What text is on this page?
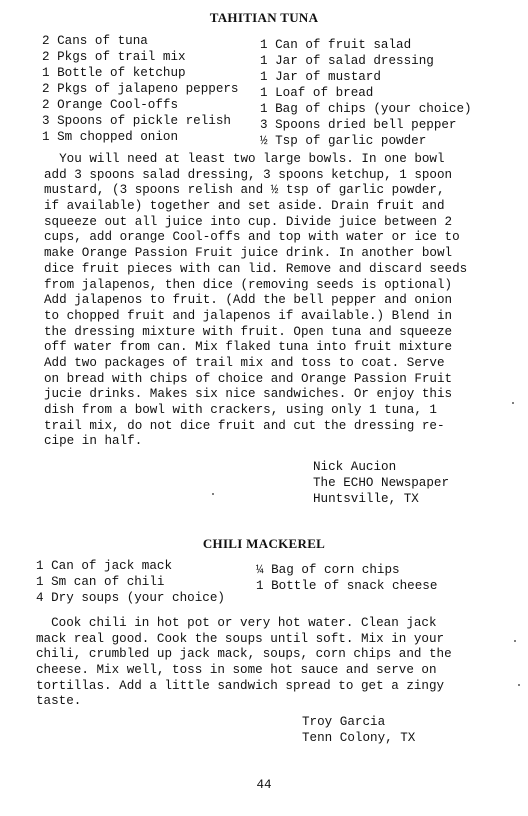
TAHITIAN TUNA
2 Cans of tuna
2 Pkgs of trail mix
1 Bottle of ketchup
2 Pkgs of jalapeno peppers
2 Orange Cool-offs
3 Spoons of pickle relish
1 Sm chopped onion
1 Can of fruit salad
1 Jar of salad dressing
1 Jar of mustard
1 Loaf of bread
1 Bag of chips (your choice)
3 Spoons dried bell pepper
½ Tsp of garlic powder
You will need at least two large bowls. In one bowl
add 3 spoons salad dressing, 3 spoons ketchup, 1 spoon
mustard, (3 spoons relish and ½ tsp of garlic powder,
if available) together and set aside. Drain fruit and
squeeze out all juice into cup. Divide juice between 2
cups, add orange Cool-offs and top with water or ice to
make Orange Passion Fruit juice drink. In another bowl
dice fruit pieces with can lid. Remove and discard seeds
from jalapenos, then dice (removing seeds is optional)
Add jalapenos to fruit. (Add the bell pepper and onion
to chopped fruit and jalapenos if available.) Blend in
the dressing mixture with fruit. Open tuna and squeeze
off water from can. Mix flaked tuna into fruit mixture
Add two packages of trail mix and toss to coat. Serve
on bread with chips of choice and Orange Passion Fruit
jucie drinks. Makes six nice sandwiches. Or enjoy this
dish from a bowl with crackers, using only 1 tuna, 1
trail mix, do not dice fruit and cut the dressing re-
cipe in half.
Nick Aucion
The ECHO Newspaper
Huntsville, TX
CHILI MACKEREL
1 Can of jack mack
1 Sm can of chili
4 Dry soups (your choice)
¼ Bag of corn chips
1 Bottle of snack cheese
Cook chili in hot pot or very hot water. Clean jack
mack real good. Cook the soups until soft. Mix in your
chili, crumbled up jack mack, soups, corn chips and the
cheese. Mix well, toss in some hot sauce and serve on
tortillas. Add a little sandwich spread to get a zingy
taste.
Troy Garcia
Tenn Colony, TX
44
